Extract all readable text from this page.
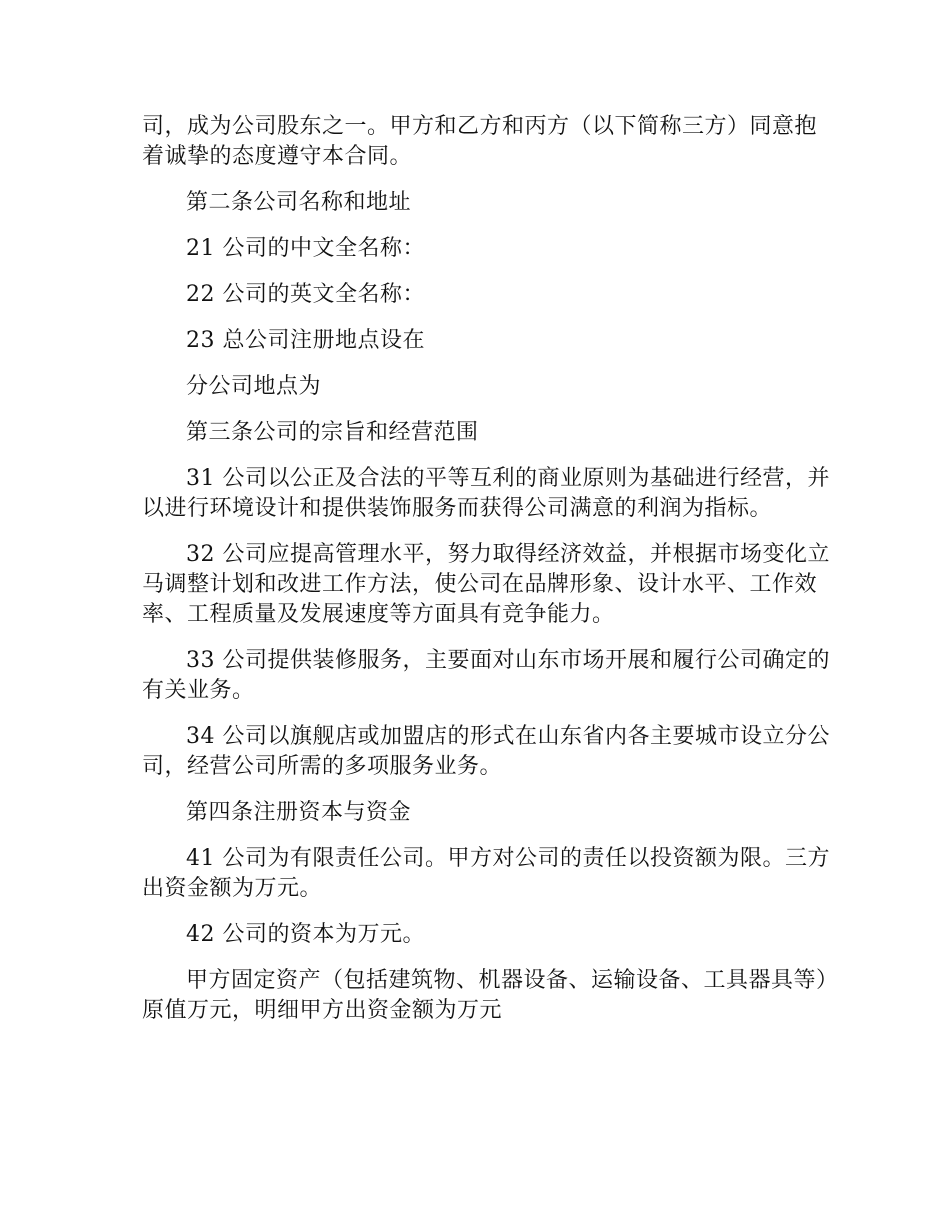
司，成为公司股东之一。甲方和乙方和丙方（以下简称三方）同意抱着诚挚的态度遵守本合同。

第二条公司名称和地址

21 公司的中文全名称：

22 公司的英文全名称：

23 总公司注册地点设在

分公司地点为

第三条公司的宗旨和经营范围

31 公司以公正及合法的平等互利的商业原则为基础进行经营，并以进行环境设计和提供装饰服务而获得公司满意的利润为指标。

32 公司应提高管理水平，努力取得经济效益，并根据市场变化立马调整计划和改进工作方法，使公司在品牌形象、设计水平、工作效率、工程质量及发展速度等方面具有竞争能力。

33 公司提供装修服务，主要面对山东市场开展和履行公司确定的有关业务。

34 公司以旗舰店或加盟店的形式在山东省内各主要城市设立分公司，经营公司所需的多项服务业务。

第四条注册资本与资金

41 公司为有限责任公司。甲方对公司的责任以投资额为限。三方出资金额为万元。

42 公司的资本为万元。

甲方固定资产（包括建筑物、机器设备、运输设备、工具器具等）原值万元，明细甲方出资金额为万元
